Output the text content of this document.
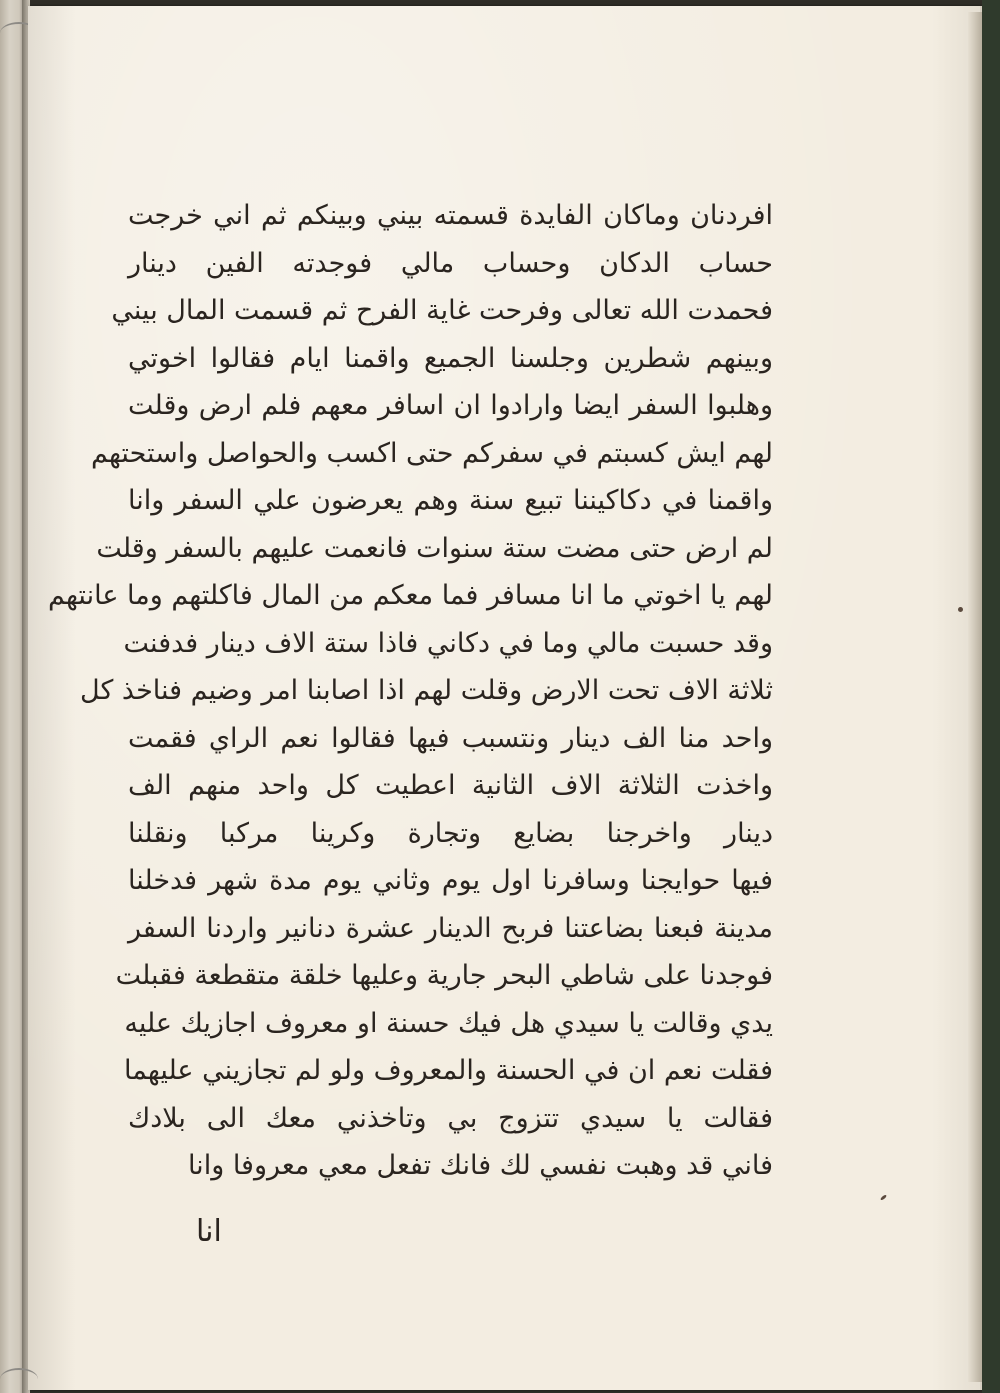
افردنان وماكان الفايدة قسمته بيني وبينكم ثم اني خرجت
حساب الدكان وحساب مالي فوجدته الفين دينار
فحمدت الله تعالى وفرحت غاية الفرح ثم قسمت المال بيني
وبينهم شطرين وجلسنا الجميع واقمنا ايام فقالوا اخوتي
وهلبوا السفر ايضا وارادوا ان اسافر معهم فلم ارض وقلت
لهم ايش كسبتم في سفركم حتى اكسب والحواصل واستحتهم
واقمنا في دكاكيننا تبيع سنة وهم يعرضون علي السفر وانا
لم ارض حتى مضت ستة سنوات فانعمت عليهم بالسفر وقلت
لهم يا اخوتي ما انا مسافر فما معكم من المال فاكلتهم وما عانتهم
وقد حسبت مالي وما في دكاني فاذا ستة الاف دينار فدفنت
ثلاثة الاف تحت الارض وقلت لهم اذا اصابنا امر وضيم فناخذ كل
واحد منا الف دينار ونتسبب فيها فقالوا نعم الراي فقمت
واخذت الثلاثة الاف الثانية اعطيت كل واحد منهم الف
دينار واخرجنا بضايع وتجارة وكرينا مركبا ونقلنا
فيها حوايجنا وسافرنا اول يوم وثاني يوم مدة شهر فدخلنا
مدينة فبعنا بضاعتنا فربح الدينار عشرة دنانير واردنا السفر
فوجدنا على شاطي البحر جارية وعليها خلقة متقطعة فقبلت
يدي وقالت يا سيدي هل فيك حسنة او معروف اجازيك عليه
فقلت نعم ان في الحسنة والمعروف ولو لم تجازيني عليهما
فقالت يا سيدي تتزوج بي وتاخذني معك الى بلادك
فاني قد وهبت نفسي لك فانك تفعل معي معروفا وانا
انا
